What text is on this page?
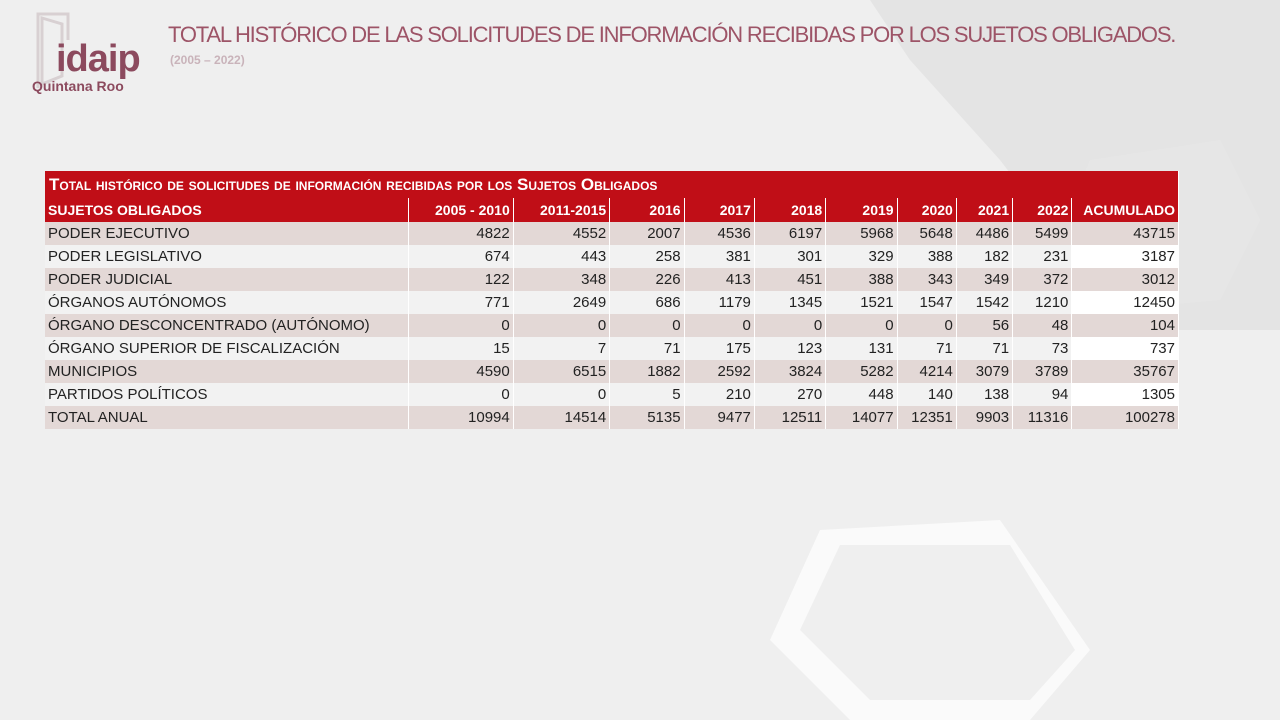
idaip
Quintana Roo
TOTAL HISTÓRICO DE LAS SOLICITUDES DE INFORMACIÓN RECIBIDAS POR LOS SUJETOS OBLIGADOS.
(2005 – 2022)
Total histórico de solicitudes de información recibidas por los Sujetos Obligados										
SUJETOS OBLIGADOS	2005 - 2010	2011-2015	2016	2017	2018	2019	2020	2021	2022	ACUMULADO
PODER EJECUTIVO	4822	4552	2007	4536	6197	5968	5648	4486	5499	43715
PODER LEGISLATIVO	674	443	258	381	301	329	388	182	231	3187
PODER JUDICIAL	122	348	226	413	451	388	343	349	372	3012
ÓRGANOS AUTÓNOMOS	771	2649	686	1179	1345	1521	1547	1542	1210	12450
ÓRGANO DESCONCENTRADO (AUTÓNOMO)	0	0	0	0	0	0	0	56	48	104
ÓRGANO SUPERIOR DE FISCALIZACIÓN	15	7	71	175	123	131	71	71	73	737
MUNICIPIOS	4590	6515	1882	2592	3824	5282	4214	3079	3789	35767
PARTIDOS POLÍTICOS	0	0	5	210	270	448	140	138	94	1305
TOTAL ANUAL	10994	14514	5135	9477	12511	14077	12351	9903	11316	100278
